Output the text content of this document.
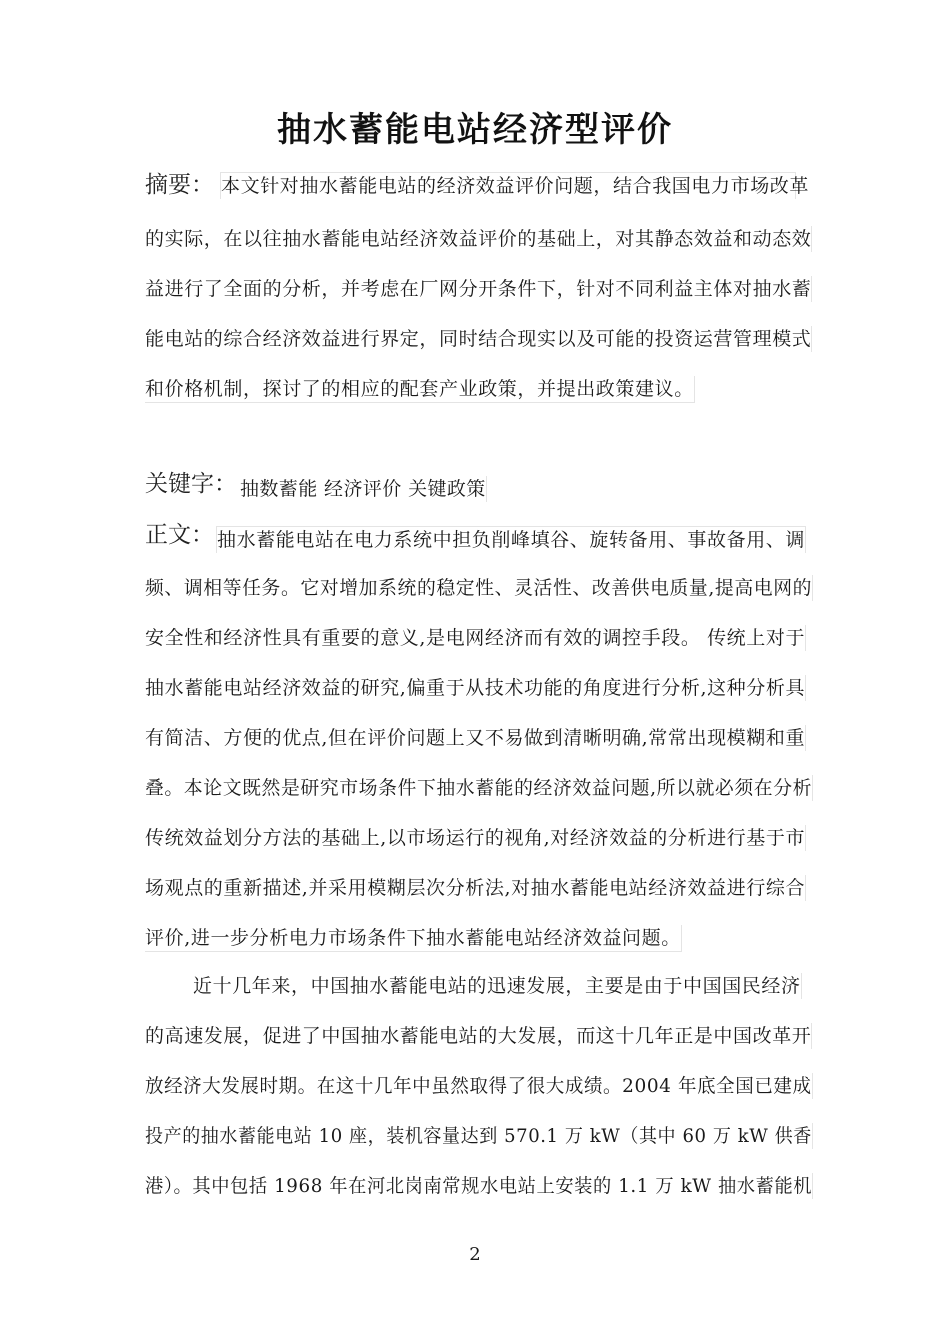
抽水蓄能电站经济型评价
摘要： 本文针对抽水蓄能电站的经济效益评价问题，结合我国电力市场改革
的实际，在以往抽水蓄能电站经济效益评价的基础上，对其静态效益和动态效
益进行了全面的分析，并考虑在厂网分开条件下，针对不同利益主体对抽水蓄
能电站的综合经济效益进行界定，同时结合现实以及可能的投资运营管理模式
和价格机制，探讨了的相应的配套产业政策，并提出政策建议。
关键字： 抽数蓄能 经济评价 关键政策
正文： 抽水蓄能电站在电力系统中担负削峰填谷、旋转备用、事故备用、调
频、调相等任务。它对增加系统的稳定性、灵活性、改善供电质量,提高电网的
安全性和经济性具有重要的意义,是电网经济而有效的调控手段。 传统上对于
抽水蓄能电站经济效益的研究,偏重于从技术功能的角度进行分析,这种分析具
有简洁、方便的优点,但在评价问题上又不易做到清晰明确,常常出现模糊和重
叠。本论文既然是研究市场条件下抽水蓄能的经济效益问题,所以就必须在分析
传统效益划分方法的基础上,以市场运行的视角,对经济效益的分析进行基于市
场观点的重新描述,并采用模糊层次分析法,对抽水蓄能电站经济效益进行综合
评价,进一步分析电力市场条件下抽水蓄能电站经济效益问题。
近十几年来，中国抽水蓄能电站的迅速发展，主要是由于中国国民经济
的高速发展，促进了中国抽水蓄能电站的大发展，而这十几年正是中国改革开
放经济大发展时期。在这十几年中虽然取得了很大成绩。2004 年底全国已建成
投产的抽水蓄能电站 10 座，装机容量达到 570.1 万 kW（其中 60 万 kW 供香
港）。其中包括 1968 年在河北岗南常规水电站上安装的 1.1 万 kW 抽水蓄能机
2
